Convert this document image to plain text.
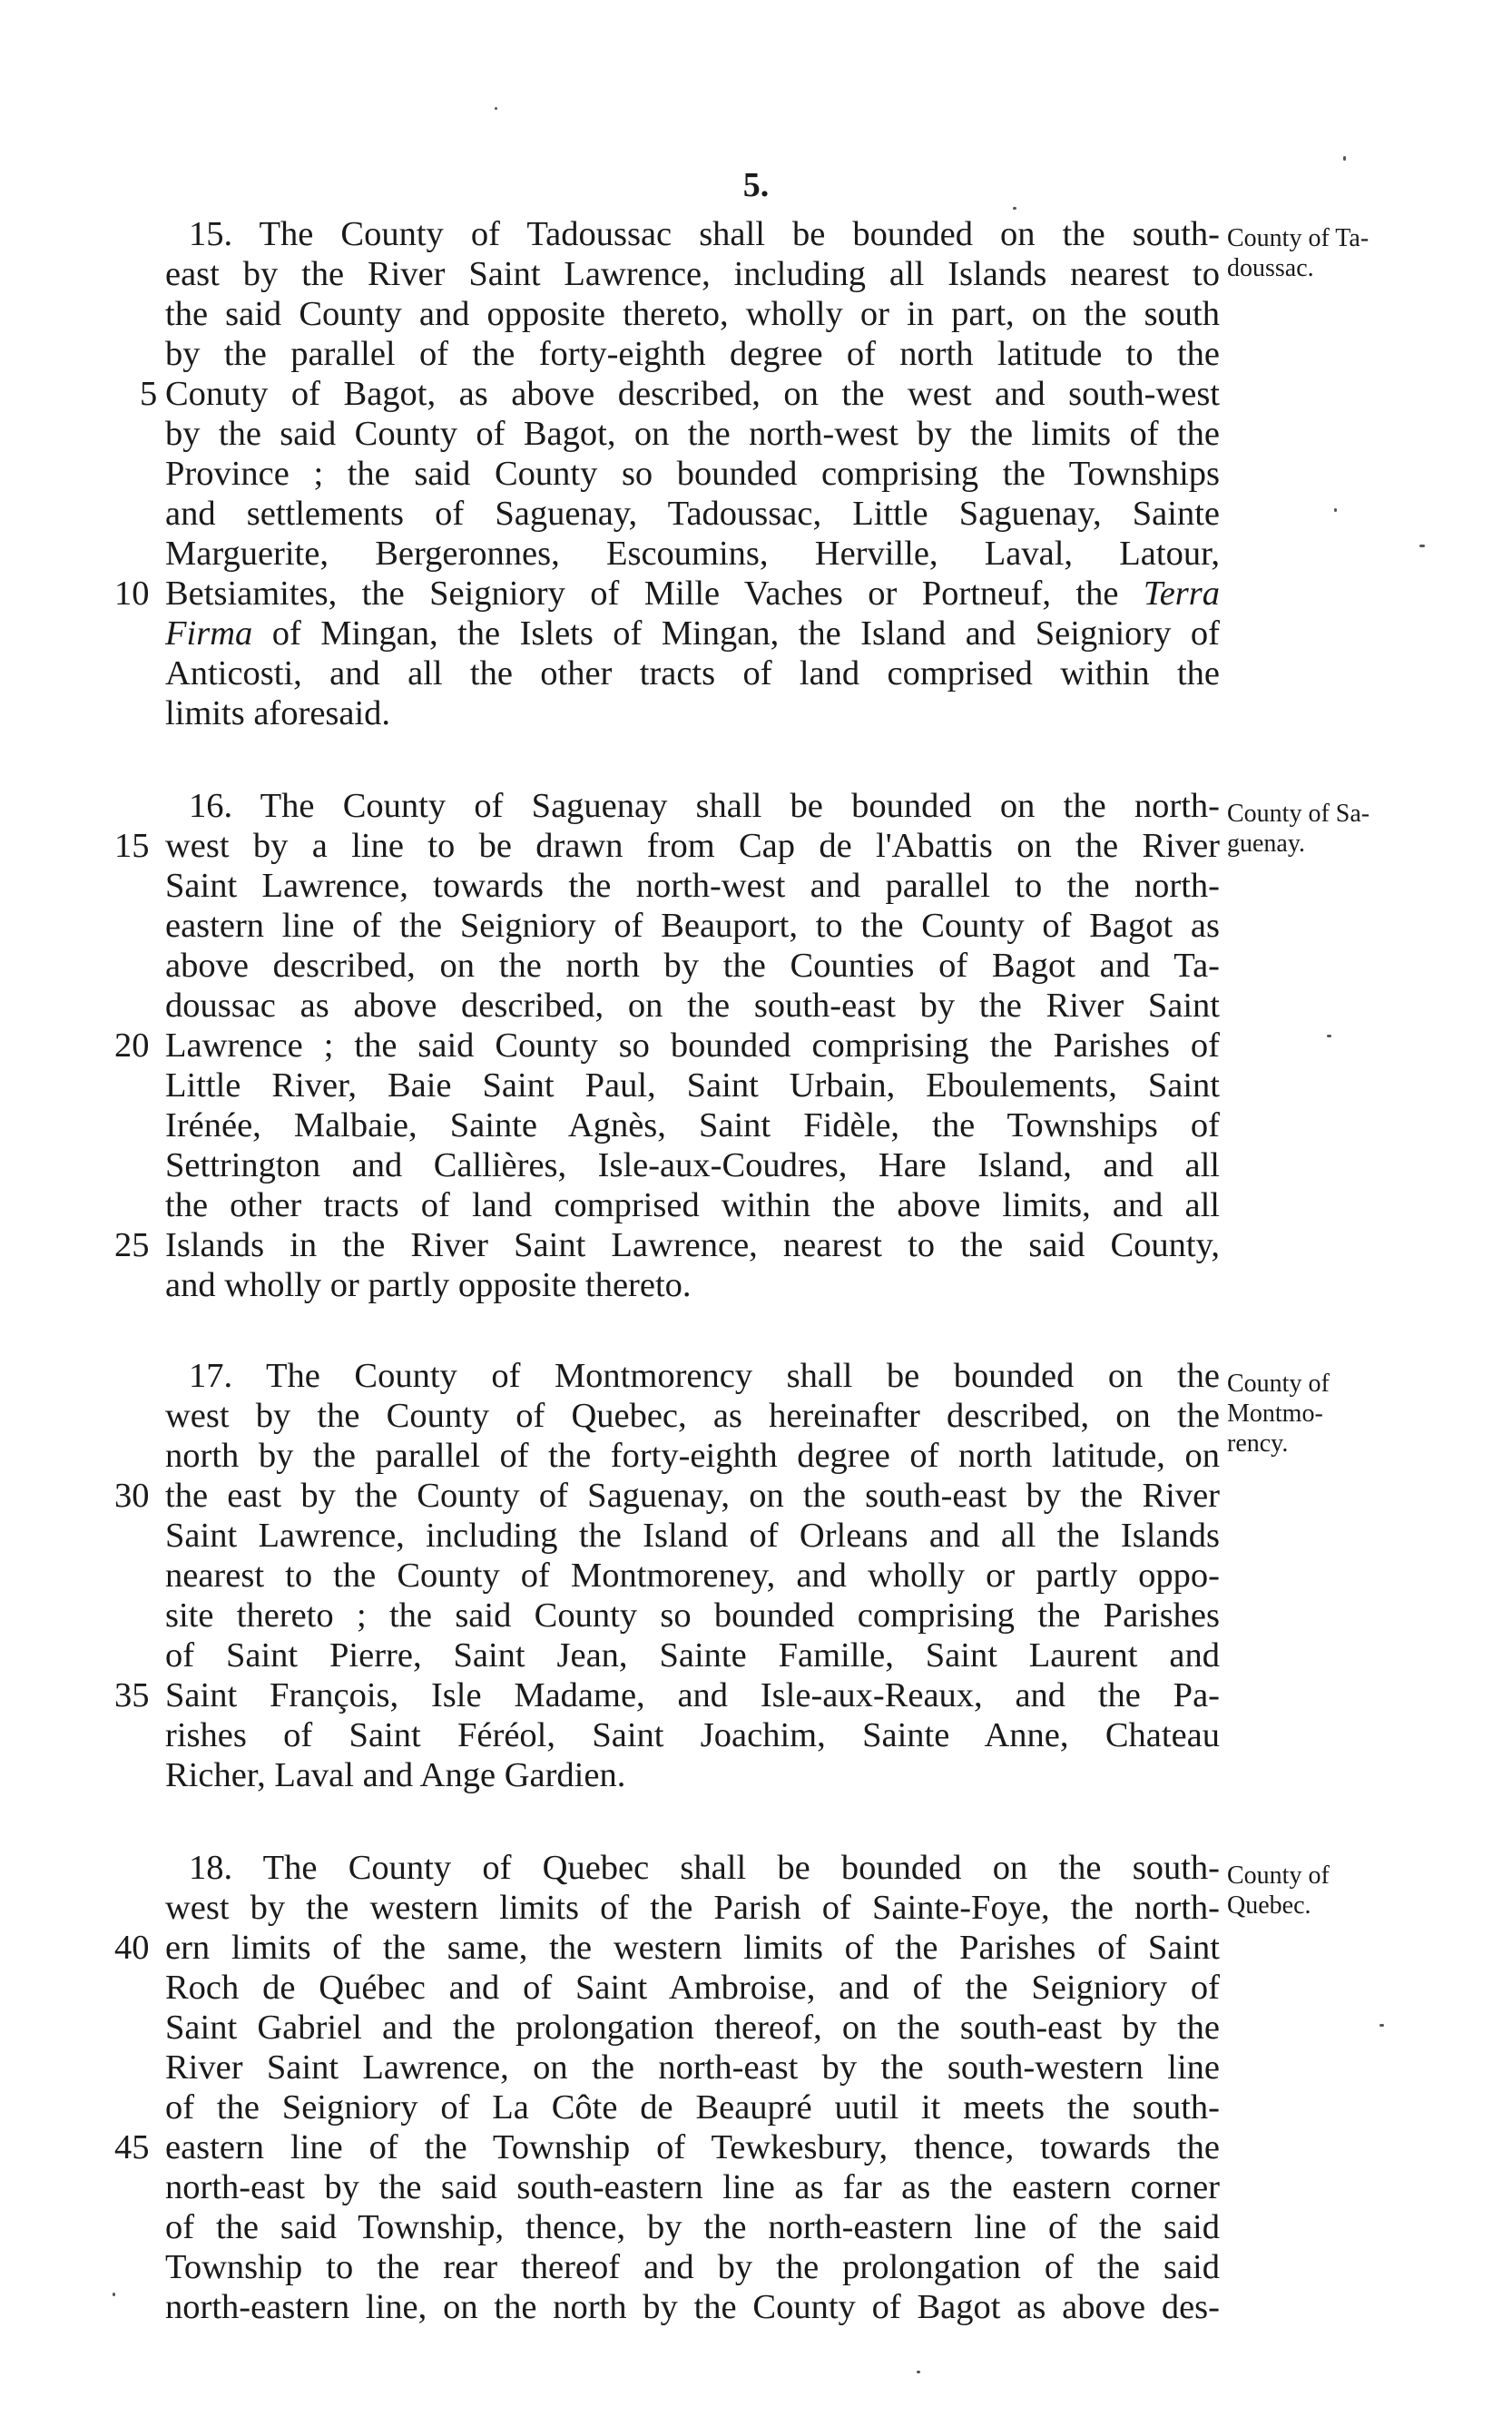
5.
15. The County of Tadoussac shall be bounded on the south-
east by the River Saint Lawrence, including all Islands nearest to
the said County and opposite thereto, wholly or in part, on the south
by the parallel of the forty-eighth degree of north latitude to the
Conuty of Bagot, as above described, on the west and south-west
by the said County of Bagot, on the north-west by the limits of the
Province ; the said County so bounded comprising the Townships
and settlements of Saguenay, Tadoussac, Little Saguenay, Sainte
Marguerite, Bergeronnes, Escoumins, Herville, Laval, Latour,
Betsiamites, the Seigniory of Mille Vaches or Portneuf, the Terra
Firma of Mingan, the Islets of Mingan, the Island and Seigniory of
Anticosti, and all the other tracts of land comprised within the
limits aforesaid.
County of Ta-
doussac.
16. The County of Saguenay shall be bounded on the north-
west by a line to be drawn from Cap de l'Abattis on the River
Saint Lawrence, towards the north-west and parallel to the north-
eastern line of the Seigniory of Beauport, to the County of Bagot as
above described, on the north by the Counties of Bagot and Ta-
doussac as above described, on the south-east by the River Saint
Lawrence ; the said County so bounded comprising the Parishes of
Little River, Baie Saint Paul, Saint Urbain, Eboulements, Saint
Irénée, Malbaie, Sainte Agnès, Saint Fidèle, the Townships of
Settrington and Callières, Isle-aux-Coudres, Hare Island, and all
the other tracts of land comprised within the above limits, and all
Islands in the River Saint Lawrence, nearest to the said County,
and wholly or partly opposite thereto.
County of Sa-
guenay.
17. The County of Montmorency shall be bounded on the
west by the County of Quebec, as hereinafter described, on the
north by the parallel of the forty-eighth degree of north latitude, on
the east by the County of Saguenay, on the south-east by the River
Saint Lawrence, including the Island of Orleans and all the Islands
nearest to the County of Montmoreney, and wholly or partly oppo-
site thereto ; the said County so bounded comprising the Parishes
of Saint Pierre, Saint Jean, Sainte Famille, Saint Laurent and
Saint François, Isle Madame, and Isle-aux-Reaux, and the Pa-
rishes of Saint Féréol, Saint Joachim, Sainte Anne, Chateau
Richer, Laval and Ange Gardien.
County of
Montmo-
rency.
18. The County of Quebec shall be bounded on the south-
west by the western limits of the Parish of Sainte-Foye, the north-
ern limits of the same, the western limits of the Parishes of Saint
Roch de Québec and of Saint Ambroise, and of the Seigniory of
Saint Gabriel and the prolongation thereof, on the south-east by the
River Saint Lawrence, on the north-east by the south-western line
of the Seigniory of La Côte de Beaupré uutil it meets the south-
eastern line of the Township of Tewkesbury, thence, towards the
north-east by the said south-eastern line as far as the eastern corner
of the said Township, thence, by the north-eastern line of the said
Township to the rear thereof and by the prolongation of the said
north-eastern line, on the north by the County of Bagot as above des-
County of
Quebec.
5
10
15
20
25
30
35
40
45
